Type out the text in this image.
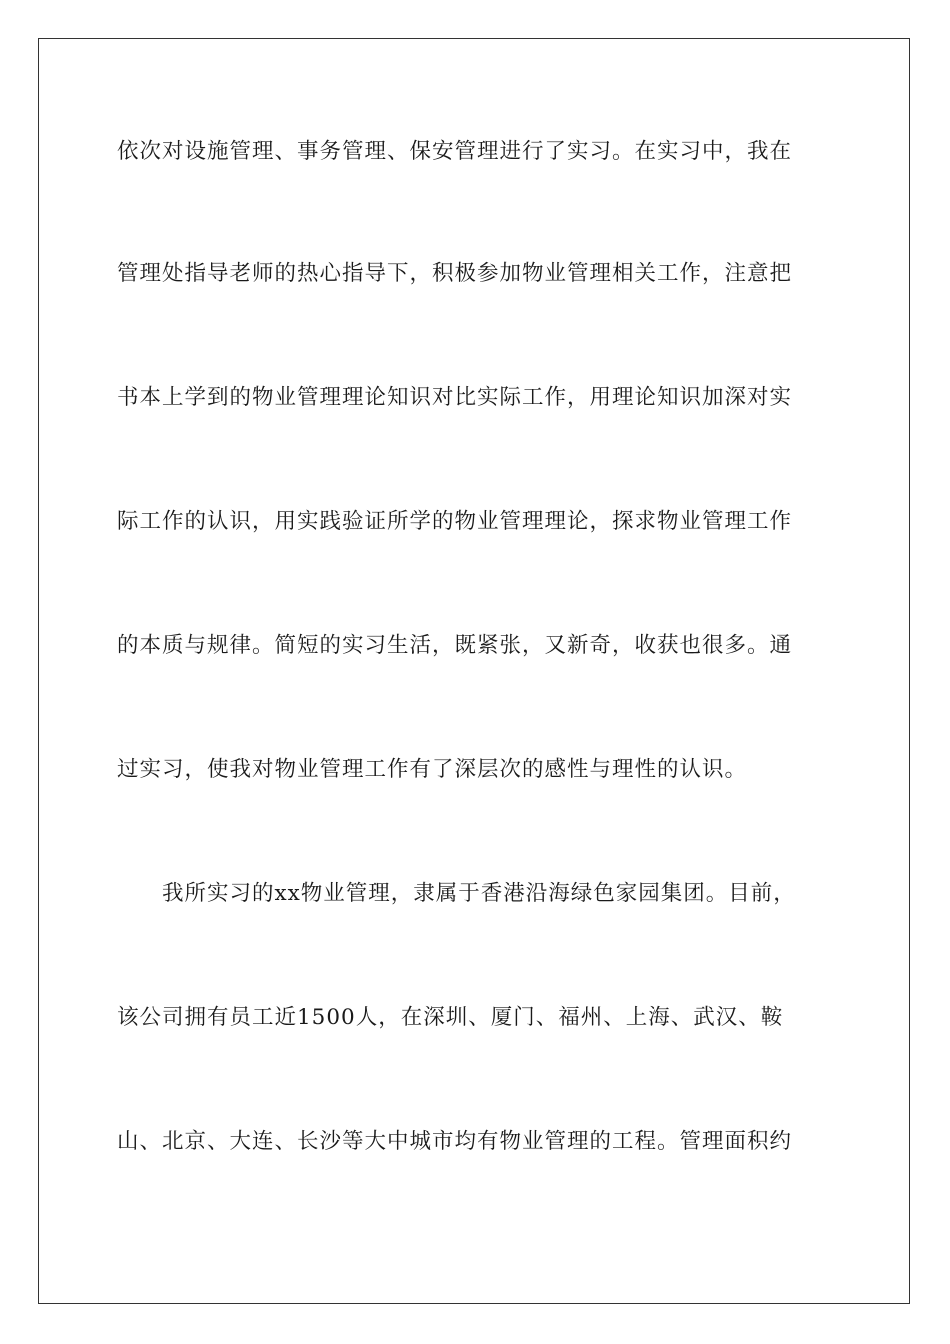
依次对设施管理、事务管理、保安管理进行了实习。在实习中，我在
管理处指导老师的热心指导下，积极参加物业管理相关工作，注意把
书本上学到的物业管理理论知识对比实际工作，用理论知识加深对实
际工作的认识，用实践验证所学的物业管理理论，探求物业管理工作
的本质与规律。简短的实习生活，既紧张，又新奇，收获也很多。通
过实习，使我对物业管理工作有了深层次的感性与理性的认识。
我所实习的xx物业管理，隶属于香港沿海绿色家园集团。目前，
该公司拥有员工近1500人，在深圳、厦门、福州、上海、武汉、鞍
山、北京、大连、长沙等大中城市均有物业管理的工程。管理面积约
